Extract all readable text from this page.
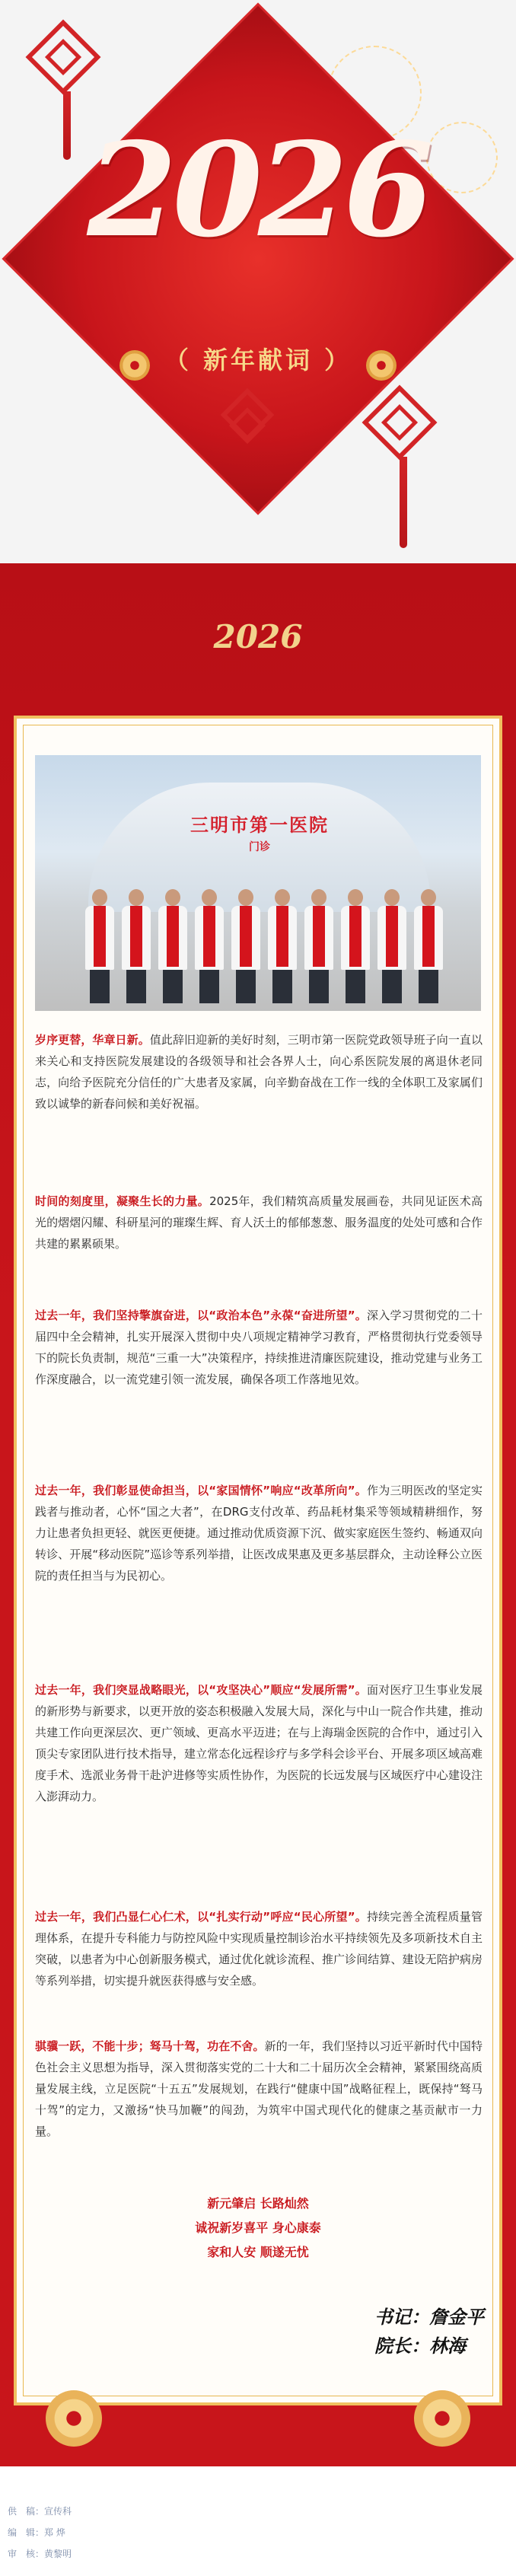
2026
（ 新年献词 ）
2026
三明市第一医院
门诊

岁序更替，华章日新。值此辞旧迎新的美好时刻，三明市第一医院党政领导班子向一直以来关心和支持医院发展建设的各级领导和社会各界人士，向心系医院发展的离退休老同志，向给予医院充分信任的广大患者及家属，向辛勤奋战在工作一线的全体职工及家属们致以诚挚的新春问候和美好祝福。

时间的刻度里，凝聚生长的力量。2025年，我们精筑高质量发展画卷，共同见证医术高光的熠熠闪耀、科研星河的璀璨生辉、育人沃土的郁郁葱葱、服务温度的处处可感和合作共建的累累硕果。

过去一年，我们坚持擎旗奋进，以“政治本色”永葆“奋进所望”。深入学习贯彻党的二十届四中全会精神，扎实开展深入贯彻中央八项规定精神学习教育，严格贯彻执行党委领导下的院长负责制，规范“三重一大”决策程序，持续推进清廉医院建设，推动党建与业务工作深度融合，以一流党建引领一流发展，确保各项工作落地见效。

过去一年，我们彰显使命担当，以“家国情怀”响应“改革所向”。作为三明医改的坚定实践者与推动者，心怀“国之大者”，在DRG支付改革、药品耗材集采等领域精耕细作，努力让患者负担更轻、就医更便捷。通过推动优质资源下沉、做实家庭医生签约、畅通双向转诊、开展“移动医院”巡诊等系列举措，让医改成果惠及更多基层群众，主动诠释公立医院的责任担当与为民初心。

过去一年，我们突显战略眼光，以“攻坚决心”顺应“发展所需”。面对医疗卫生事业发展的新形势与新要求，以更开放的姿态积极融入发展大局，深化与中山一院合作共建，推动共建工作向更深层次、更广领域、更高水平迈进；在与上海瑞金医院的合作中，通过引入顶尖专家团队进行技术指导，建立常态化远程诊疗与多学科会诊平台、开展多项区域高难度手术、选派业务骨干赴沪进修等实质性协作，为医院的长远发展与区域医疗中心建设注入澎湃动力。

过去一年，我们凸显仁心仁术，以“扎实行动”呼应“民心所望”。持续完善全流程质量管理体系，在提升专科能力与防控风险中实现质量控制诊治水平持续领先及多项新技术自主突破，以患者为中心创新服务模式，通过优化就诊流程、推广诊间结算、建设无陪护病房等系列举措，切实提升就医获得感与安全感。

骐骥一跃，不能十步；驽马十驾，功在不舍。新的一年，我们坚持以习近平新时代中国特色社会主义思想为指导，深入贯彻落实党的二十大和二十届历次全会精神，紧紧围绕高质量发展主线，立足医院“十五五”发展规划，在践行“健康中国”战略征程上，既保持“驽马十驾”的定力，又激扬“快马加鞭”的闯劲，为筑牢中国式现代化的健康之基贡献市一力量。

新元肇启 长路灿然
诚祝新岁喜平 身心康泰
家和人安 顺遂无忧
书记：詹金平
院长：林海
供　稿：宣传科
编　辑：郑 烨
审　核：黄黎明
